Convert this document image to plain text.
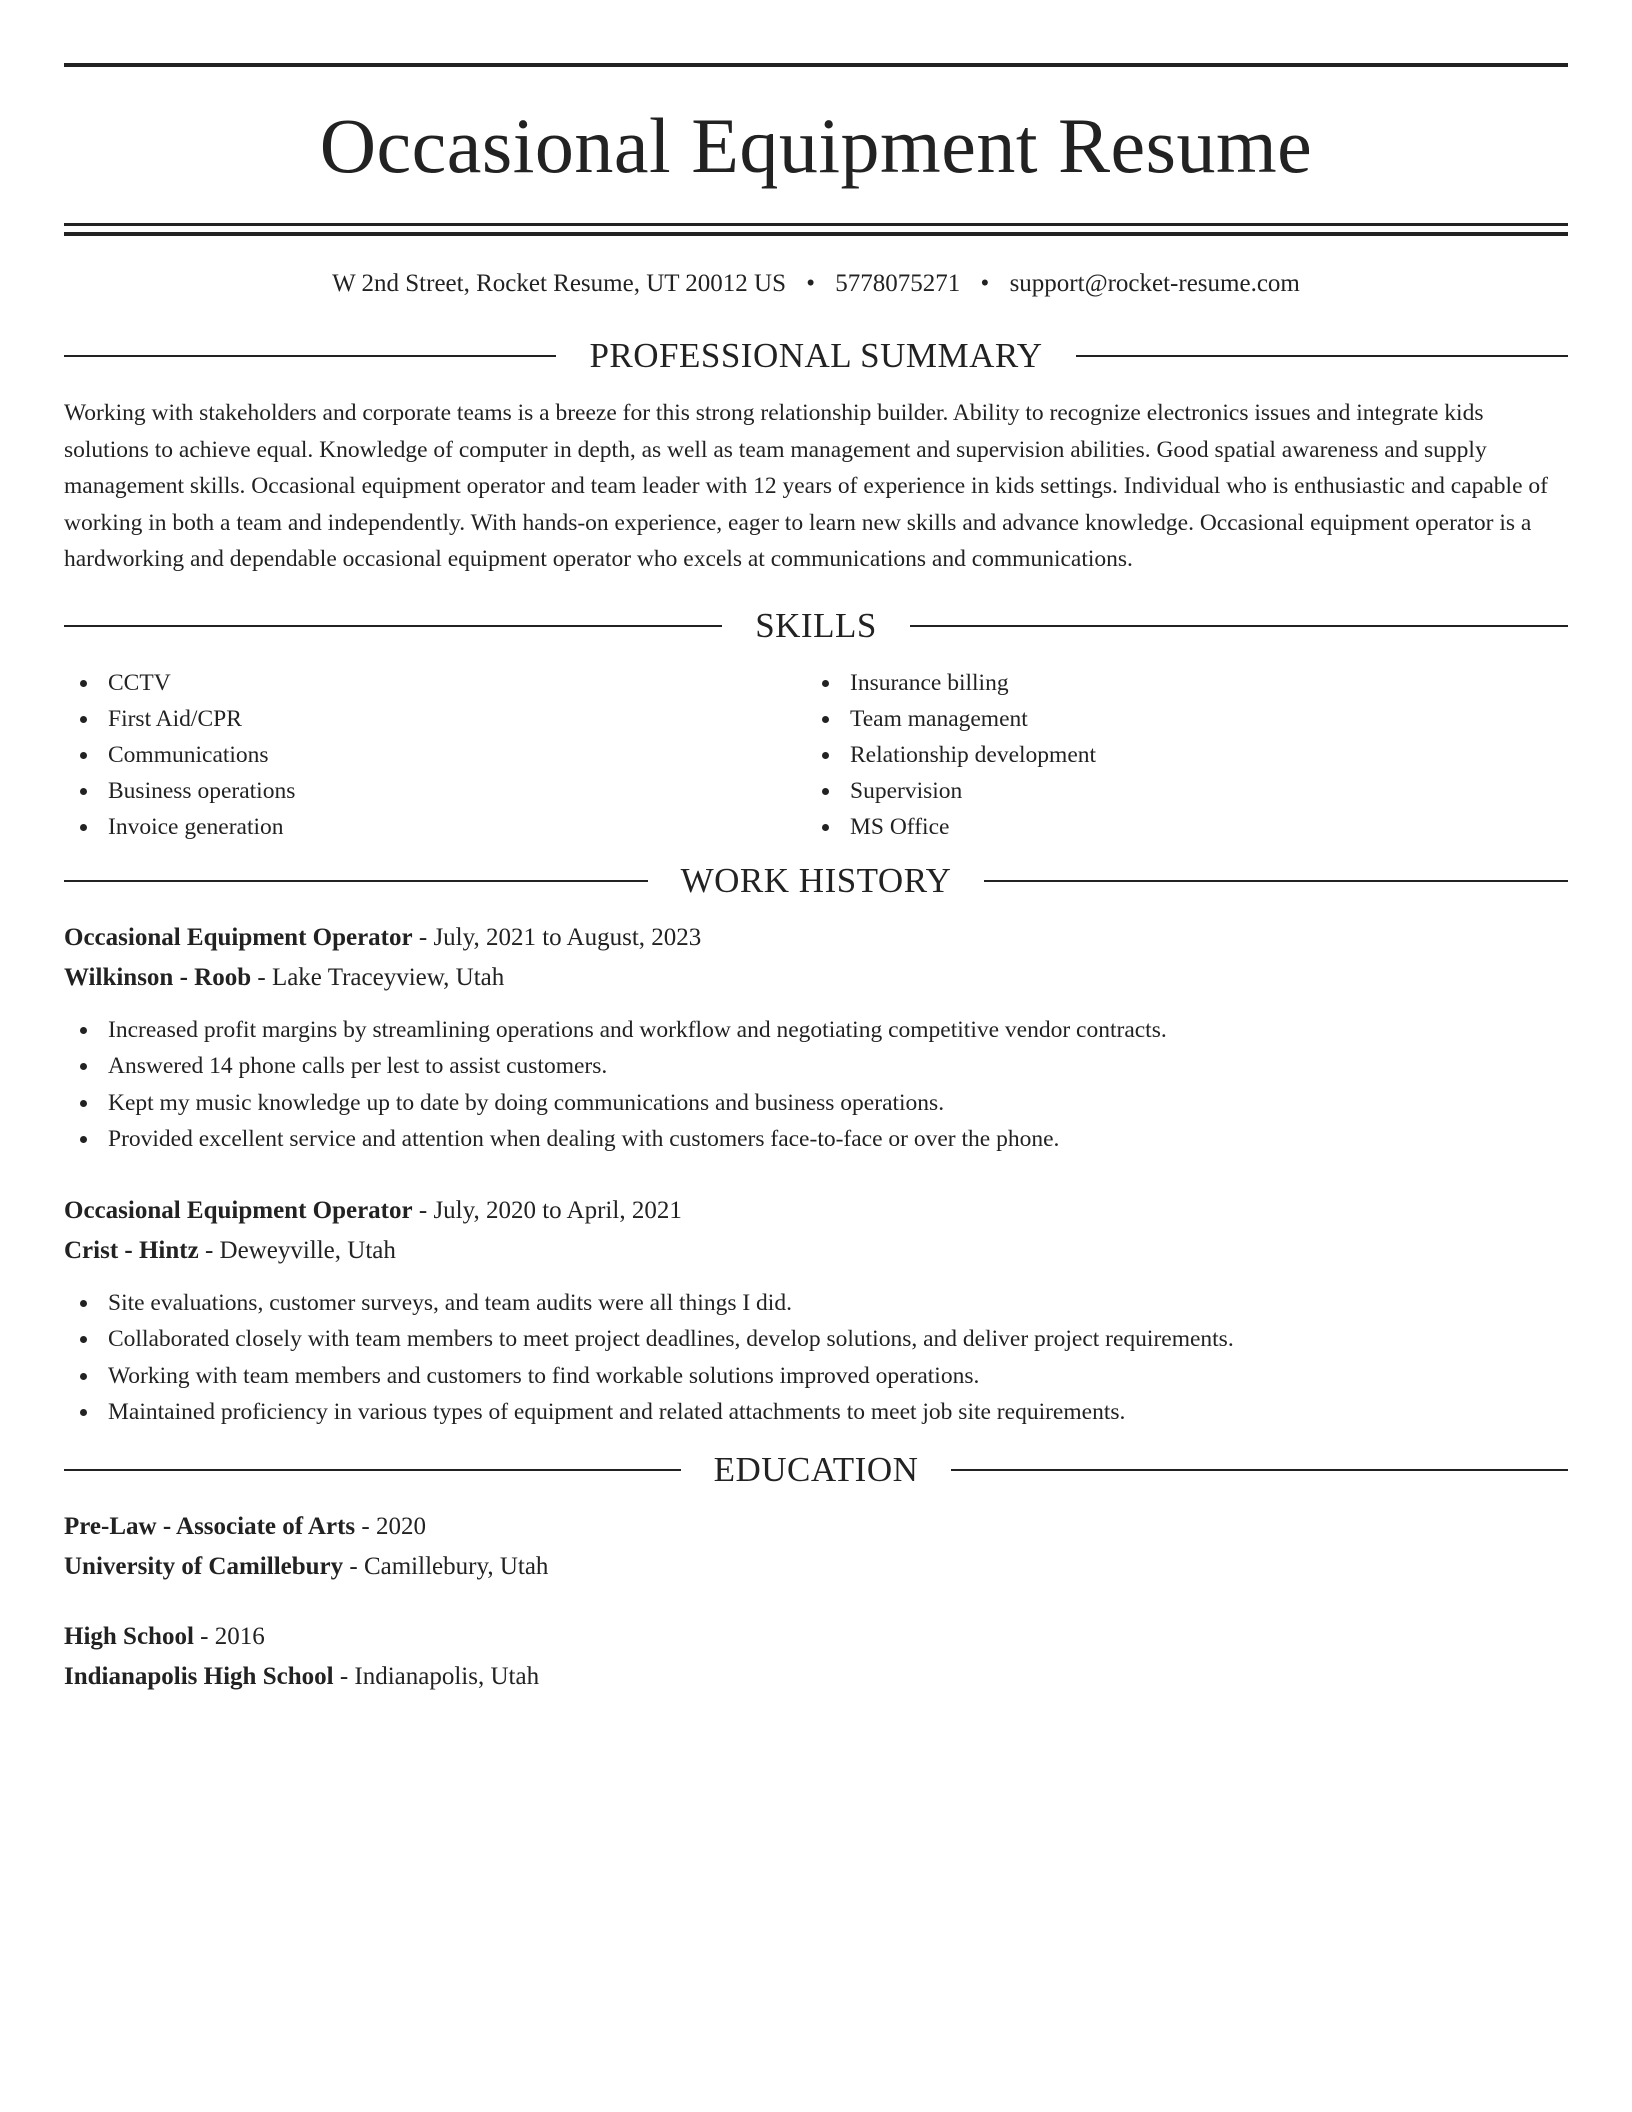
Occasional Equipment Resume
W 2nd Street, Rocket Resume, UT 20012 US • 5778075271 • support@rocket-resume.com
PROFESSIONAL SUMMARY

Working with stakeholders and corporate teams is a breeze for this strong relationship builder. Ability to recognize electronics issues and integrate kids solutions to achieve equal. Knowledge of computer in depth, as well as team management and supervision abilities. Good spatial awareness and supply management skills. Occasional equipment operator and team leader with 12 years of experience in kids settings. Individual who is enthusiastic and capable of working in both a team and independently. With hands-on experience, eager to learn new skills and advance knowledge. Occasional equipment operator is a hardworking and dependable occasional equipment operator who excels at communications and communications.

SKILLS
CCTV
First Aid/CPR
Communications
Business operations
Invoice generation
Insurance billing
Team management
Relationship development
Supervision
MS Office
WORK HISTORY
Occasional Equipment Operator - July, 2021 to August, 2023
Wilkinson - Roob - Lake Traceyview, Utah
Increased profit margins by streamlining operations and workflow and negotiating competitive vendor contracts.
Answered 14 phone calls per lest to assist customers.
Kept my music knowledge up to date by doing communications and business operations.
Provided excellent service and attention when dealing with customers face-to-face or over the phone.
Occasional Equipment Operator - July, 2020 to April, 2021
Crist - Hintz - Deweyville, Utah
Site evaluations, customer surveys, and team audits were all things I did.
Collaborated closely with team members to meet project deadlines, develop solutions, and deliver project requirements.
Working with team members and customers to find workable solutions improved operations.
Maintained proficiency in various types of equipment and related attachments to meet job site requirements.
EDUCATION
Pre-Law - Associate of Arts - 2020
University of Camillebury - Camillebury, Utah
High School - 2016
Indianapolis High School - Indianapolis, Utah
